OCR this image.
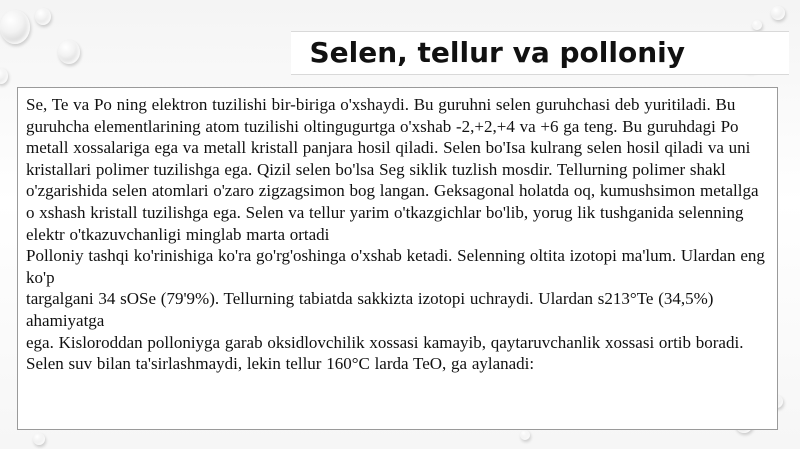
Selen, tellur va polloniy

Se, Te va Po ning elektron tuzilishi bir-biriga o'xshaydi. Bu guruhni selen guruhchasi deb yuritiladi. Bu guruhcha elementlarining atom tuzilishi oltingugurtga o'xshab -2,+2,+4 va +6 ga teng. Bu guruhdagi Po metall xossalariga ega va metall kristall panjara hosil qiladi. Selen bo'Isa kulrang selen hosil qiladi va uni kristallari polimer tuzilishga ega. Qizil selen bo'lsa Seg siklik tuzlish mosdir. Tellurning polimer shakl o'zgarishida selen atomlari o'zaro zigzagsimon bog langan. Geksagonal holatda oq, kumushsimon metallga o xshash kristall tuzilishga ega. Selen va tellur yarim o'tkazgichlar bo'lib, yorug lik tushganida selenning elektr o'tkazuvchanligi minglab marta ortadi

Polloniy tashqi ko'rinishiga ko'ra go'rg'oshinga o'xshab ketadi. Selenning oltita izotopi ma'lum. Ulardan eng ko'p

targalgani 34 sOSe (79'9%). Tellurning tabiatda sakkizta izotopi uchraydi. Ulardan s213°Te (34,5%) ahamiyatga

ega. Kisloroddan polloniyga garab oksidlovchilik xossasi kamayib, qaytaruvchanlik xossasi ortib boradi. Selen suv bilan ta'sirlashmaydi, lekin tellur 160°C larda TeO, ga aylanadi:
